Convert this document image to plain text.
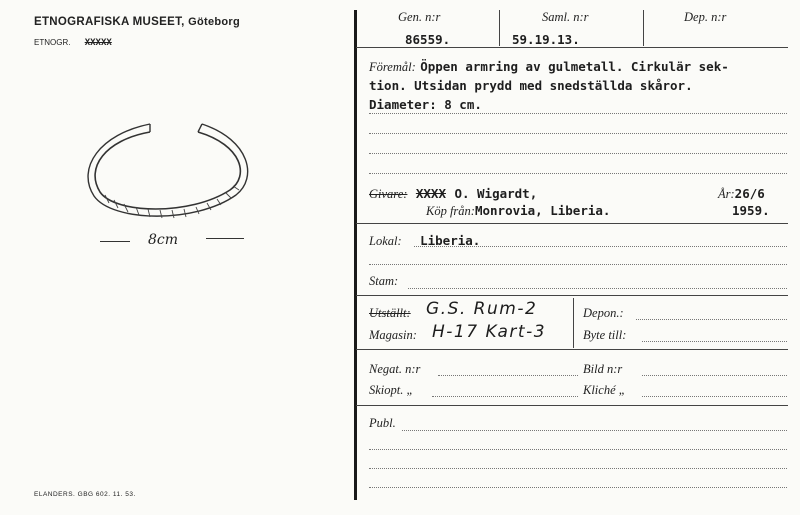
ETNOGRAFISKA MUSEET, Göteborg
ETNOGR. XXXXX
8cm
ELANDERS. GBG 602. 11. 53.
Gen. n:r	Saml. n:r	Dep. n:r
86559.	59.19.13.
Föremål: Öppen armring av gulmetall. Cirkulär sek-
tion. Utsidan prydd med snedställda skåror.
Diameter: 8 cm.
Givare: XXXX O. Wigardt,	År:26/6
Köp från:Monrovia, Liberia.	1959.
Lokal: Liberia.
Stam:
Utställt: G.S. Rum-2
Magasin: H-17 Kart-3
Depon.:
Byte till:
Negat. n:r	Bild n:r
Skiopt. „	Kliché „
Publ.
